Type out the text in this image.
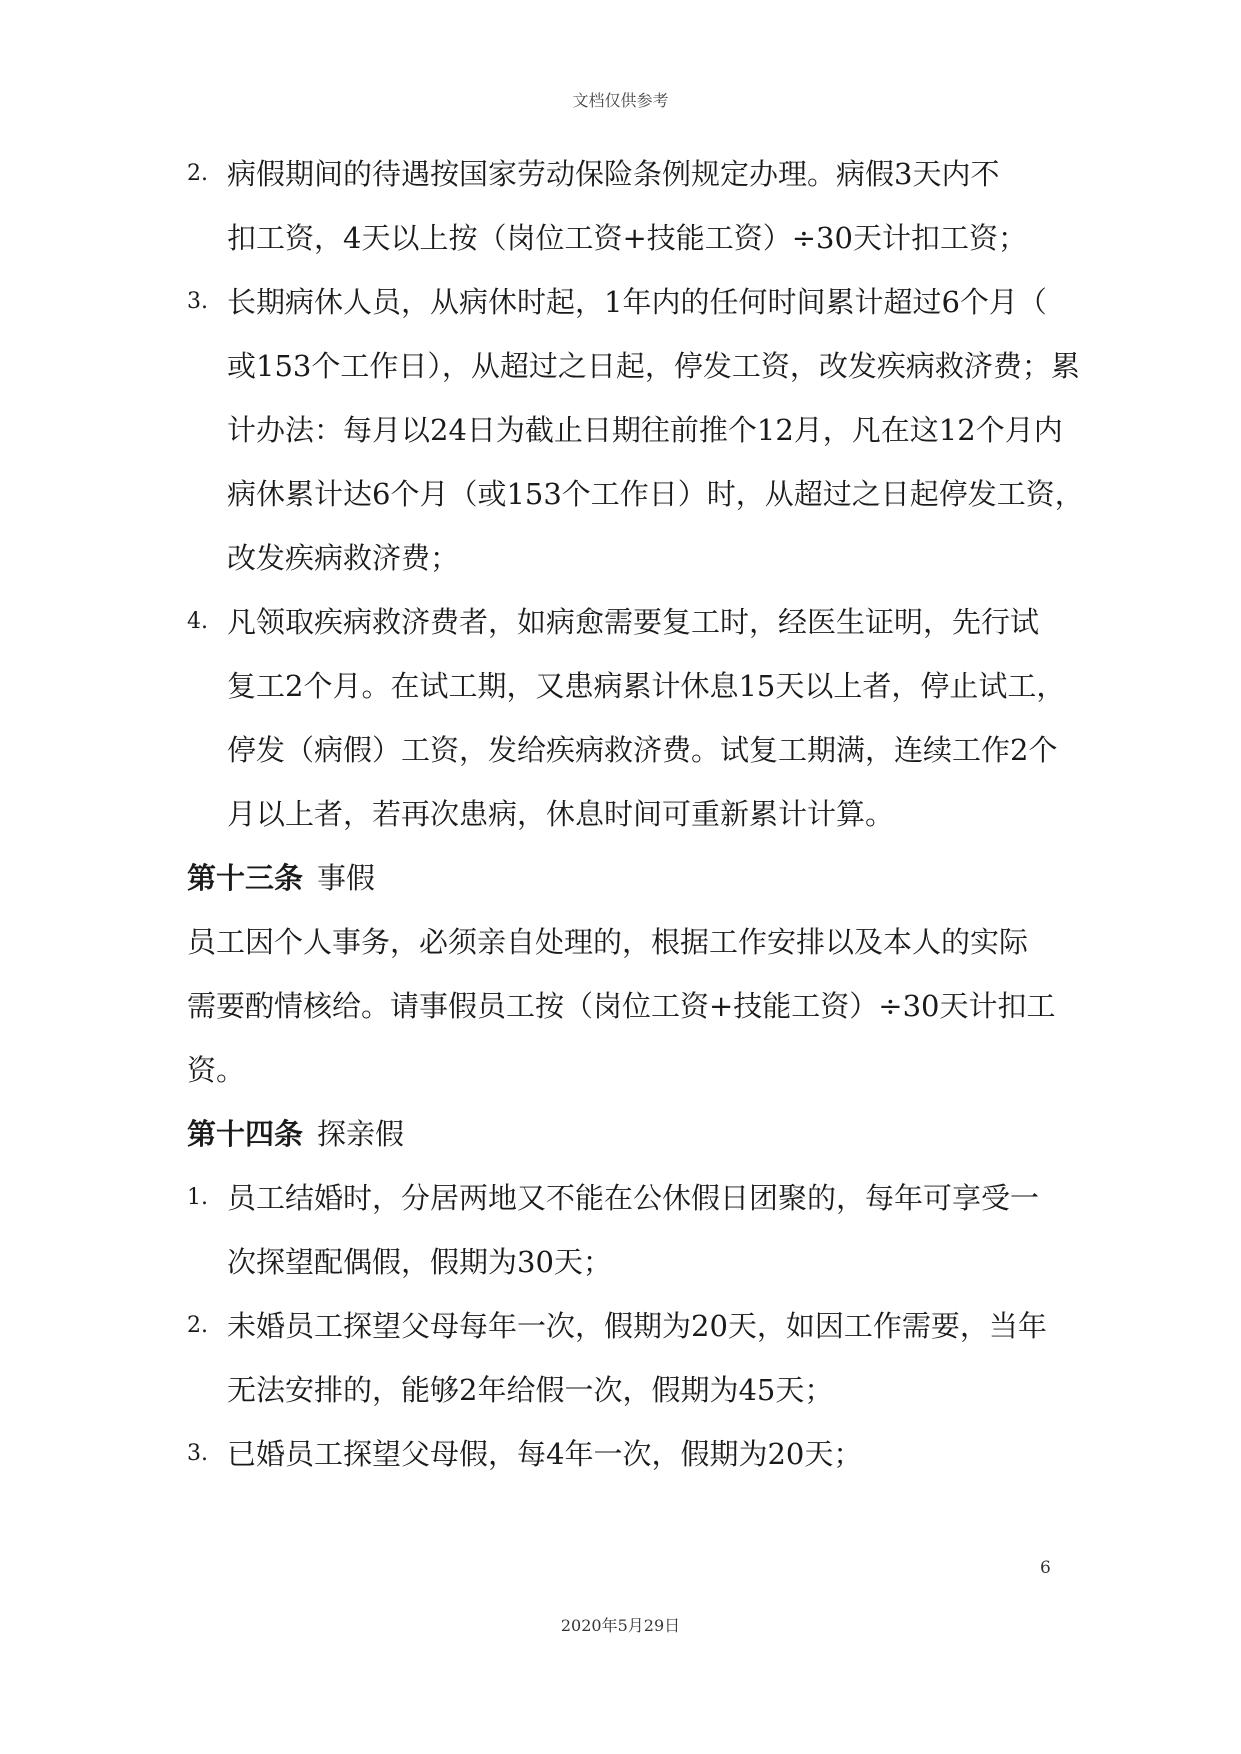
文档仅供参考
2. 病假期间的待遇按国家劳动保险条例规定办理。病假3天内不
扣工资，4天以上按（岗位工资+技能工资）÷30天计扣工资；
3. 长期病休人员，从病休时起，1年内的任何时间累计超过6个月（
或153个工作日），从超过之日起，停发工资，改发疾病救济费；累
计办法：每月以24日为截止日期往前推个12月，凡在这12个月内
病休累计达6个月（或153个工作日）时，从超过之日起停发工资，
改发疾病救济费；
4. 凡领取疾病救济费者，如病愈需要复工时，经医生证明，先行试
复工2个月。在试工期，又患病累计休息15天以上者，停止试工，
停发（病假）工资，发给疾病救济费。试复工期满，连续工作2个
月以上者，若再次患病，休息时间可重新累计计算。
第十三条 事假
员工因个人事务，必须亲自处理的，根据工作安排以及本人的实际
需要酌情核给。请事假员工按（岗位工资+技能工资）÷30天计扣工
资。
第十四条 探亲假
1. 员工结婚时，分居两地又不能在公休假日团聚的，每年可享受一
次探望配偶假，假期为30天；
2. 未婚员工探望父母每年一次，假期为20天，如因工作需要，当年
无法安排的，能够2年给假一次，假期为45天；
3. 已婚员工探望父母假，每4年一次，假期为20天；
6
2020年5月29日
